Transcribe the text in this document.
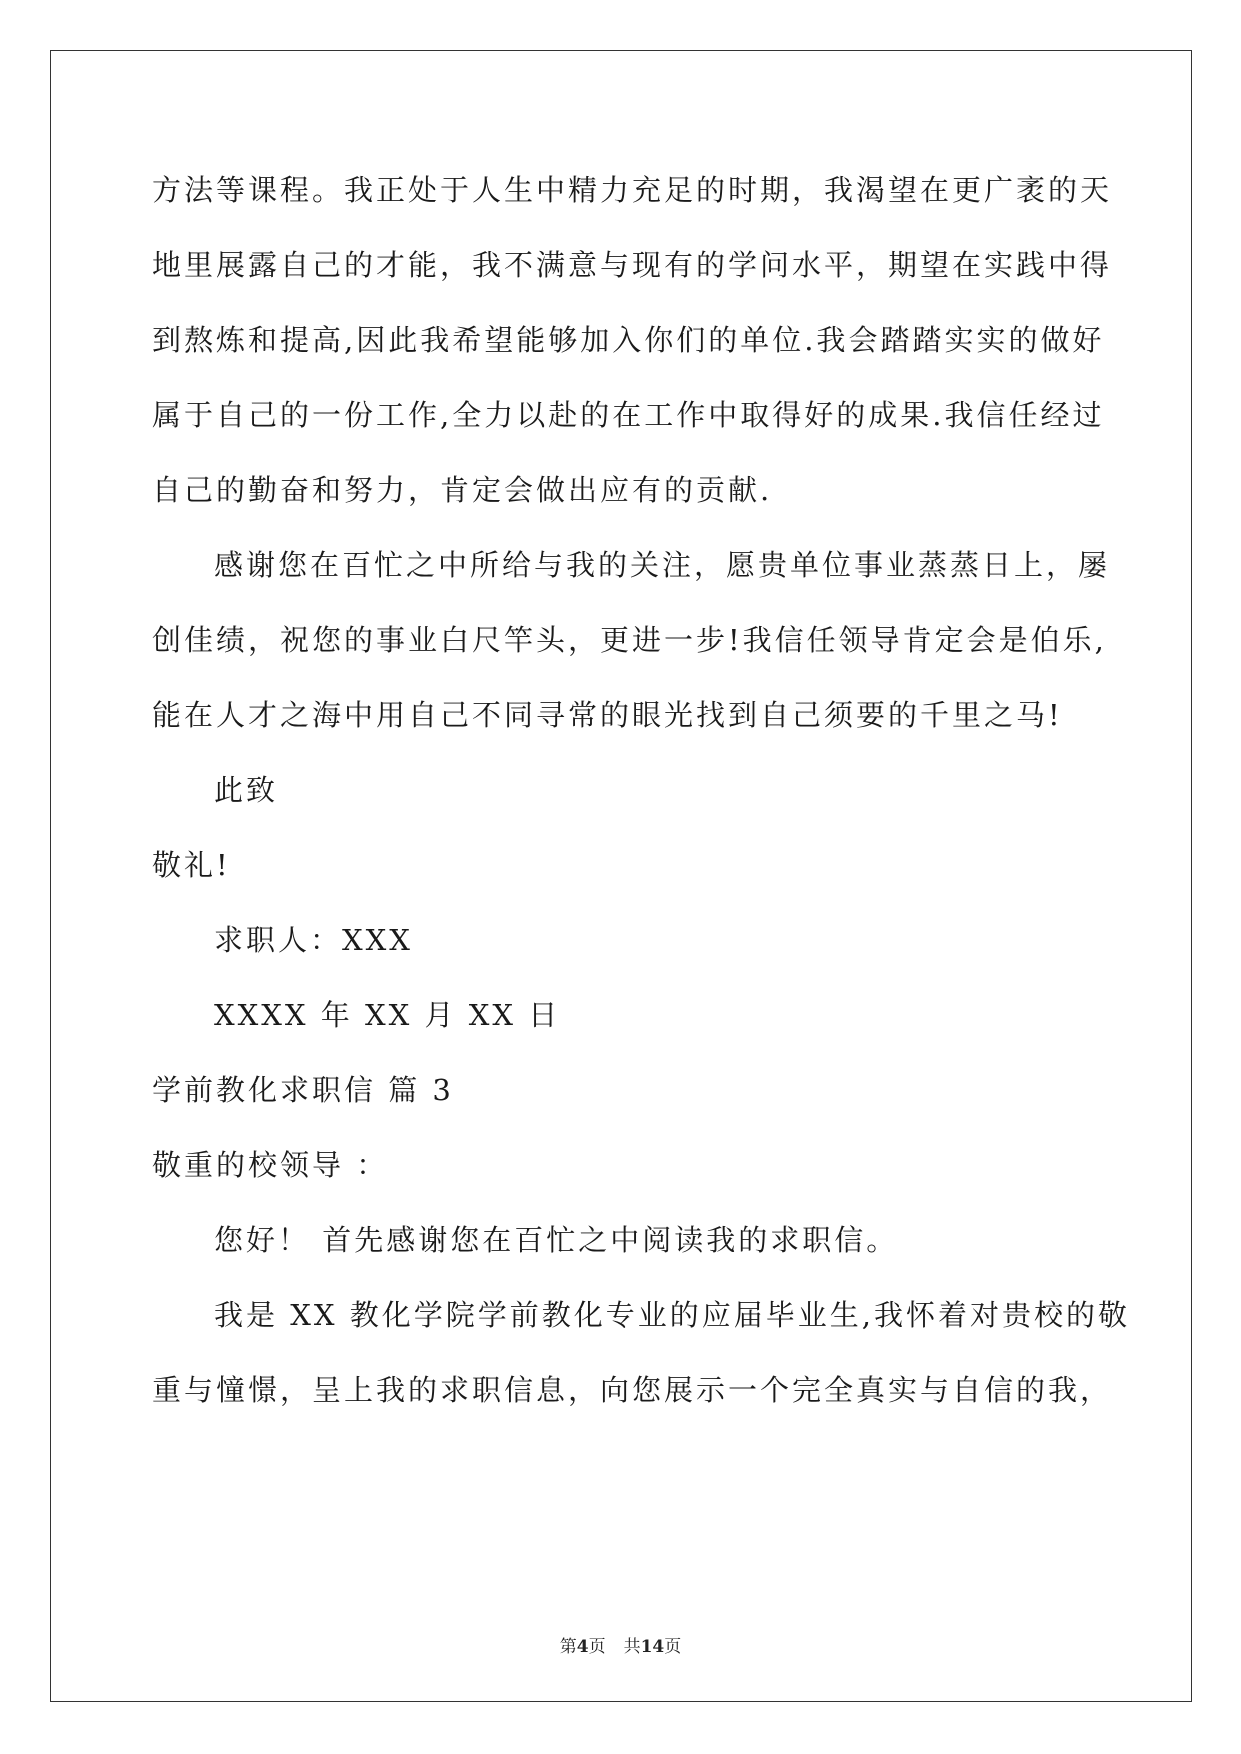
方法等课程。我正处于人生中精力充足的时期，我渴望在更广袤的天
地里展露自己的才能，我不满意与现有的学问水平，期望在实践中得
到熬炼和提高,因此我希望能够加入你们的单位.我会踏踏实实的做好
属于自己的一份工作,全力以赴的在工作中取得好的成果.我信任经过
自己的勤奋和努力，肯定会做出应有的贡献.
感谢您在百忙之中所给与我的关注，愿贵单位事业蒸蒸日上，屡
创佳绩，祝您的事业白尺竿头，更进一步!我信任领导肯定会是伯乐,
能在人才之海中用自己不同寻常的眼光找到自己须要的千里之马!
此致
敬礼!
求职人：XXX
XXXX 年 XX 月 XX 日
学前教化求职信 篇 3
敬重的校领导 ：
您好！ 首先感谢您在百忙之中阅读我的求职信。
我是 XX 教化学院学前教化专业的应届毕业生,我怀着对贵校的敬
重与憧憬，呈上我的求职信息，向您展示一个完全真实与自信的我，
第4页 共14页
